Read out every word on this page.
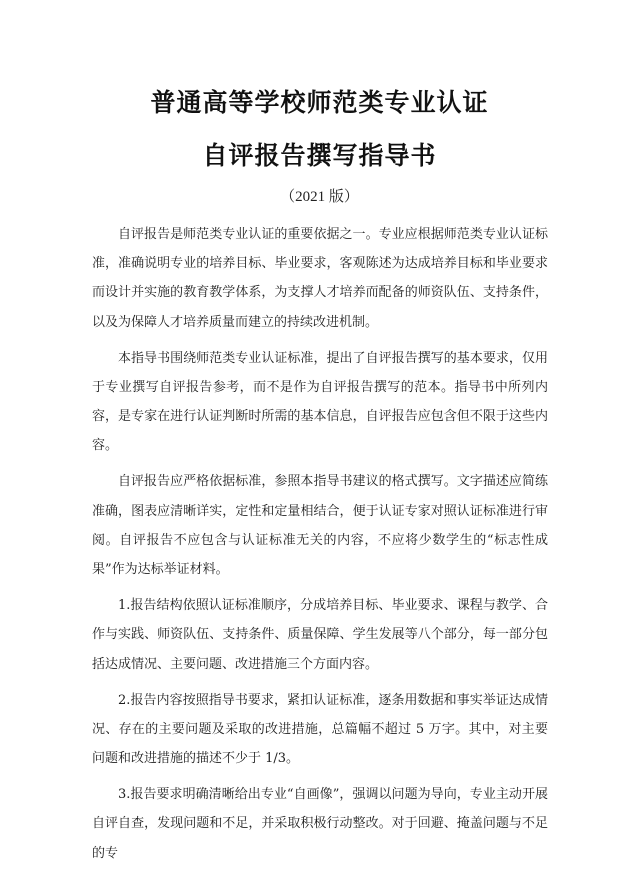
普通高等学校师范类专业认证
自评报告撰写指导书
（2021 版）

自评报告是师范类专业认证的重要依据之一。专业应根据师范类专业认证标准，准确说明专业的培养目标、毕业要求，客观陈述为达成培养目标和毕业要求而设计并实施的教育教学体系，为支撑人才培养而配备的师资队伍、支持条件，以及为保障人才培养质量而建立的持续改进机制。

本指导书围绕师范类专业认证标准，提出了自评报告撰写的基本要求，仅用于专业撰写自评报告参考，而不是作为自评报告撰写的范本。指导书中所列内容，是专家在进行认证判断时所需的基本信息，自评报告应包含但不限于这些内容。

自评报告应严格依据标准，参照本指导书建议的格式撰写。文字描述应简练准确，图表应清晰详实，定性和定量相结合，便于认证专家对照认证标准进行审阅。自评报告不应包含与认证标准无关的内容，不应将少数学生的“标志性成果”作为达标举证材料。

1.报告结构依照认证标准顺序，分成培养目标、毕业要求、课程与教学、合作与实践、师资队伍、支持条件、质量保障、学生发展等八个部分，每一部分包括达成情况、主要问题、改进措施三个方面内容。

2.报告内容按照指导书要求，紧扣认证标准，逐条用数据和事实举证达成情况、存在的主要问题及采取的改进措施，总篇幅不超过 5 万字。其中，对主要问题和改进措施的描述不少于 1/3。

3.报告要求明确清晰给出专业“自画像”，强调以问题为导向，专业主动开展自评自查，发现问题和不足，并采取积极行动整改。对于回避、掩盖问题与不足的专
